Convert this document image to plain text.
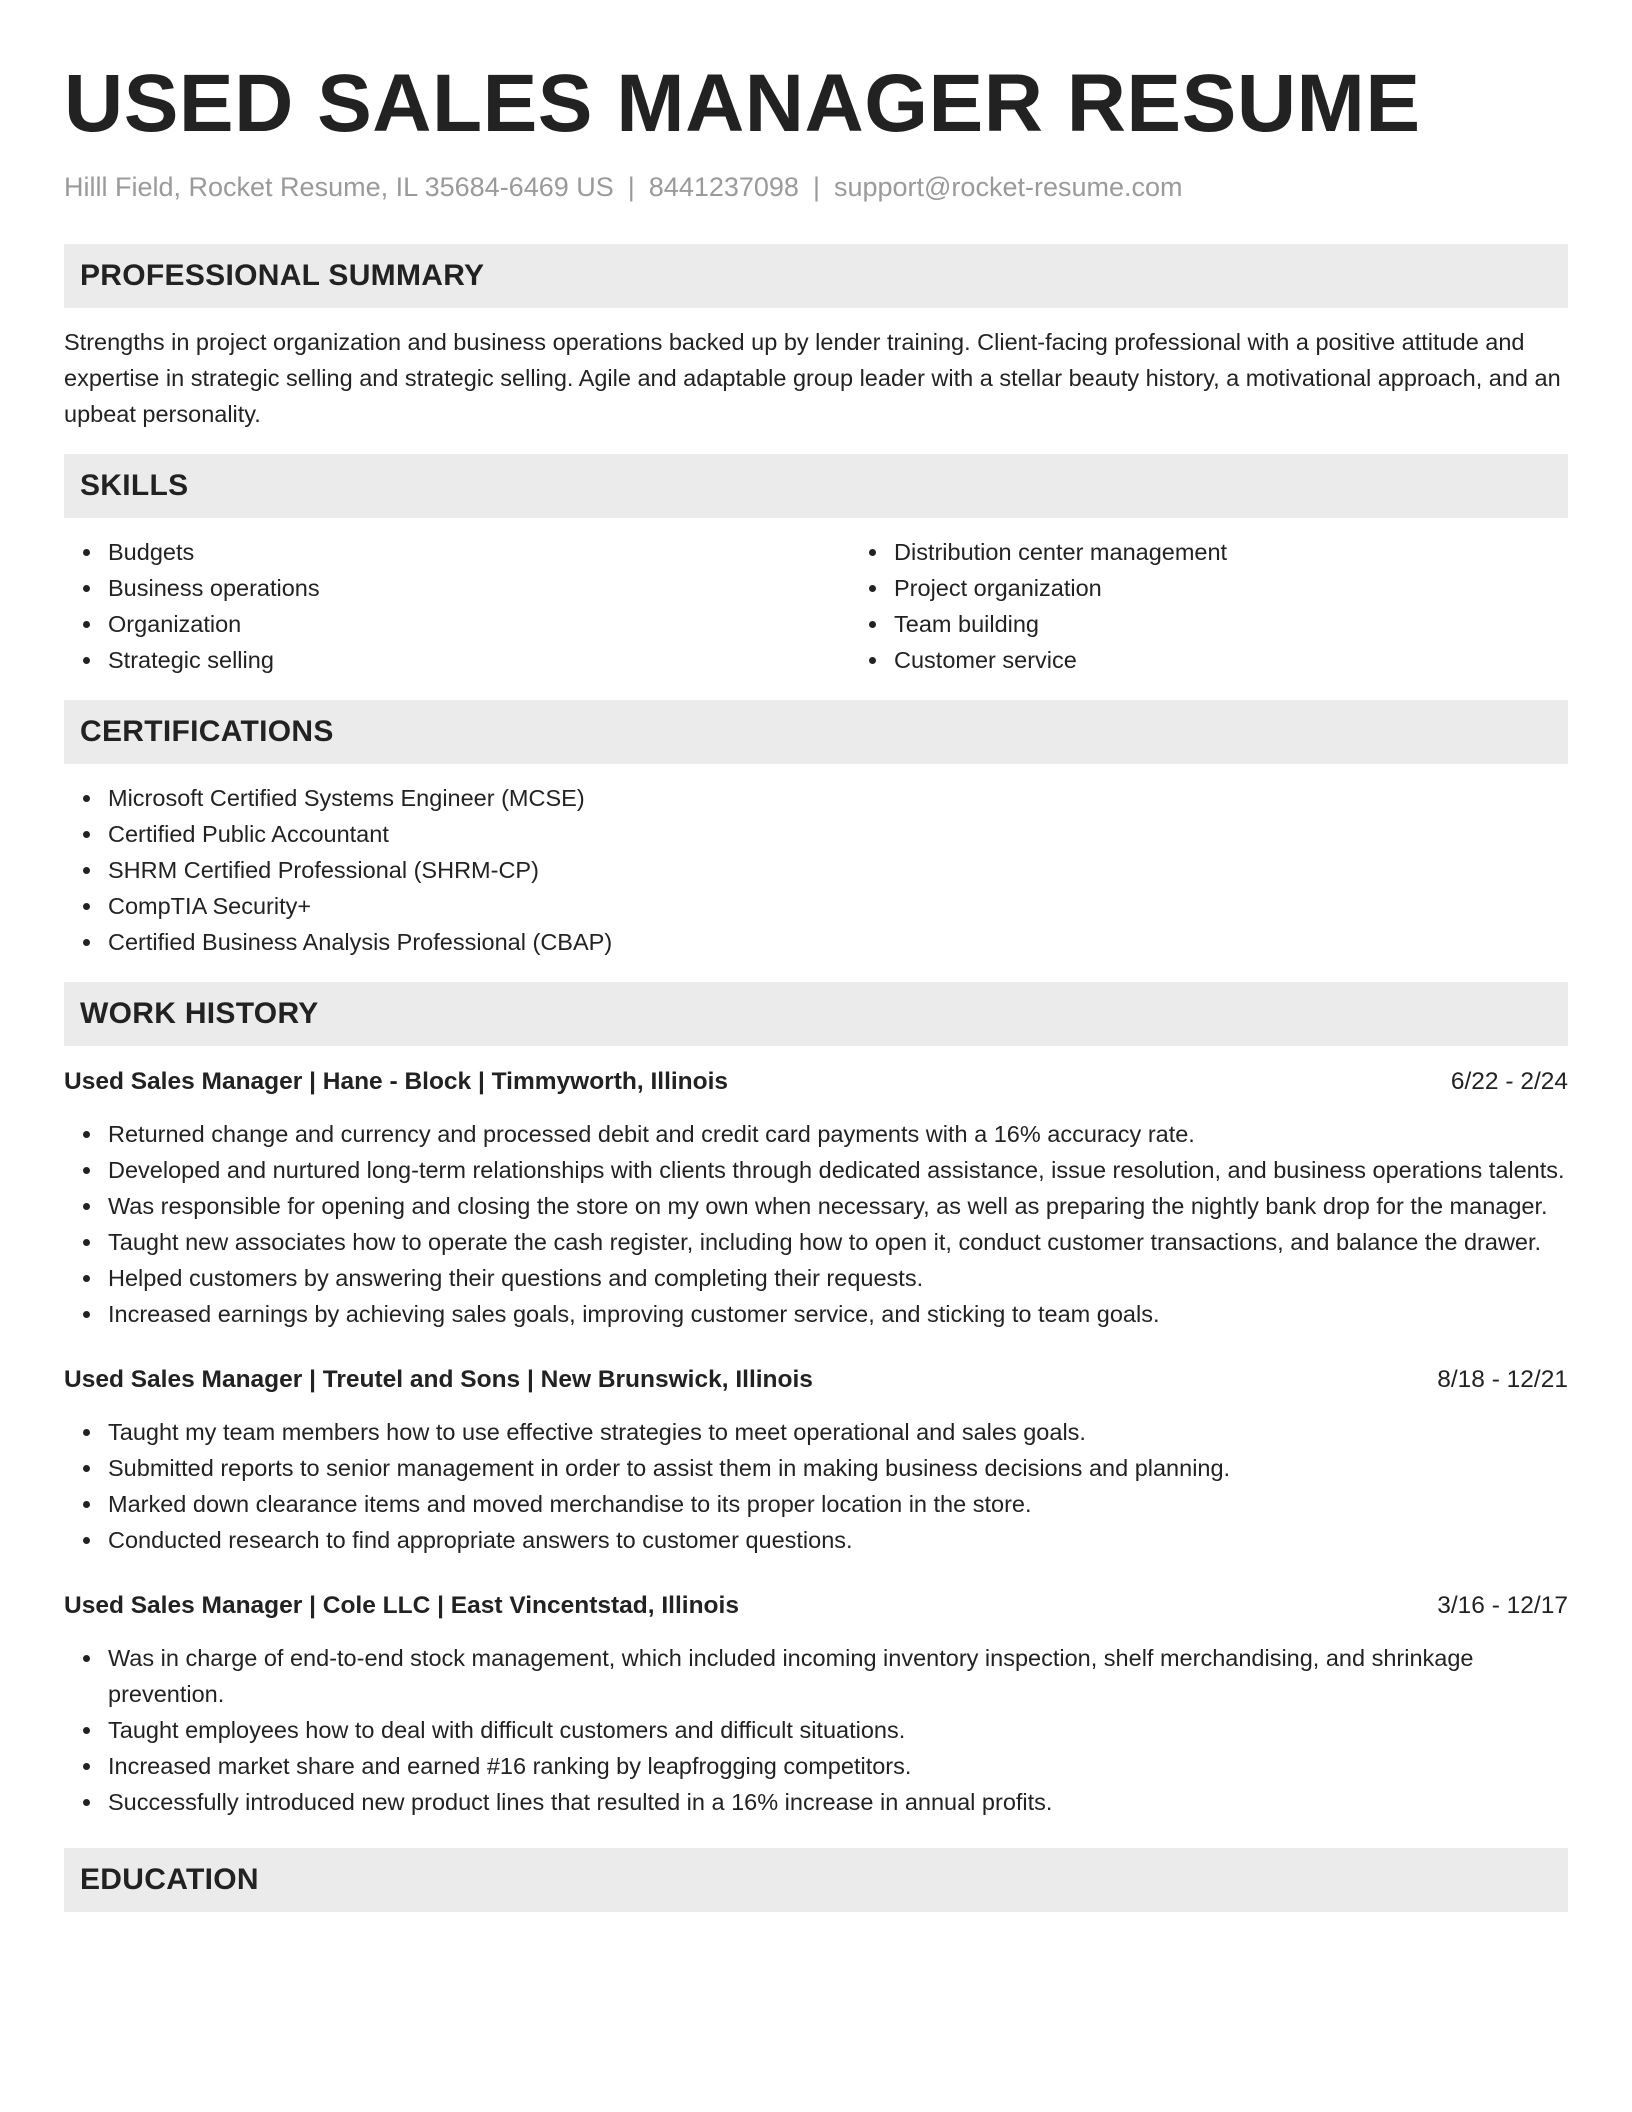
USED SALES MANAGER RESUME
Hilll Field, Rocket Resume, IL 35684-6469 US | 8441237098 | support@rocket-resume.com
PROFESSIONAL SUMMARY

Strengths in project organization and business operations backed up by lender training. Client-facing professional with a positive attitude and expertise in strategic selling and strategic selling. Agile and adaptable group leader with a stellar beauty history, a motivational approach, and an upbeat personality.

SKILLS
Budgets
Business operations
Organization
Strategic selling
Distribution center management
Project organization
Team building
Customer service
CERTIFICATIONS
Microsoft Certified Systems Engineer (MCSE)
Certified Public Accountant
SHRM Certified Professional (SHRM-CP)
CompTIA Security+
Certified Business Analysis Professional (CBAP)
WORK HISTORY
Used Sales Manager | Hane - Block | Timmyworth, Illinois	6/22 - 2/24
Returned change and currency and processed debit and credit card payments with a 16% accuracy rate.
Developed and nurtured long-term relationships with clients through dedicated assistance, issue resolution, and business operations talents.
Was responsible for opening and closing the store on my own when necessary, as well as preparing the nightly bank drop for the manager.
Taught new associates how to operate the cash register, including how to open it, conduct customer transactions, and balance the drawer.
Helped customers by answering their questions and completing their requests.
Increased earnings by achieving sales goals, improving customer service, and sticking to team goals.
Used Sales Manager | Treutel and Sons | New Brunswick, Illinois	8/18 - 12/21
Taught my team members how to use effective strategies to meet operational and sales goals.
Submitted reports to senior management in order to assist them in making business decisions and planning.
Marked down clearance items and moved merchandise to its proper location in the store.
Conducted research to find appropriate answers to customer questions.
Used Sales Manager | Cole LLC | East Vincentstad, Illinois	3/16 - 12/17
Was in charge of end-to-end stock management, which included incoming inventory inspection, shelf merchandising, and shrinkage prevention.
Taught employees how to deal with difficult customers and difficult situations.
Increased market share and earned #16 ranking by leapfrogging competitors.
Successfully introduced new product lines that resulted in a 16% increase in annual profits.
EDUCATION
